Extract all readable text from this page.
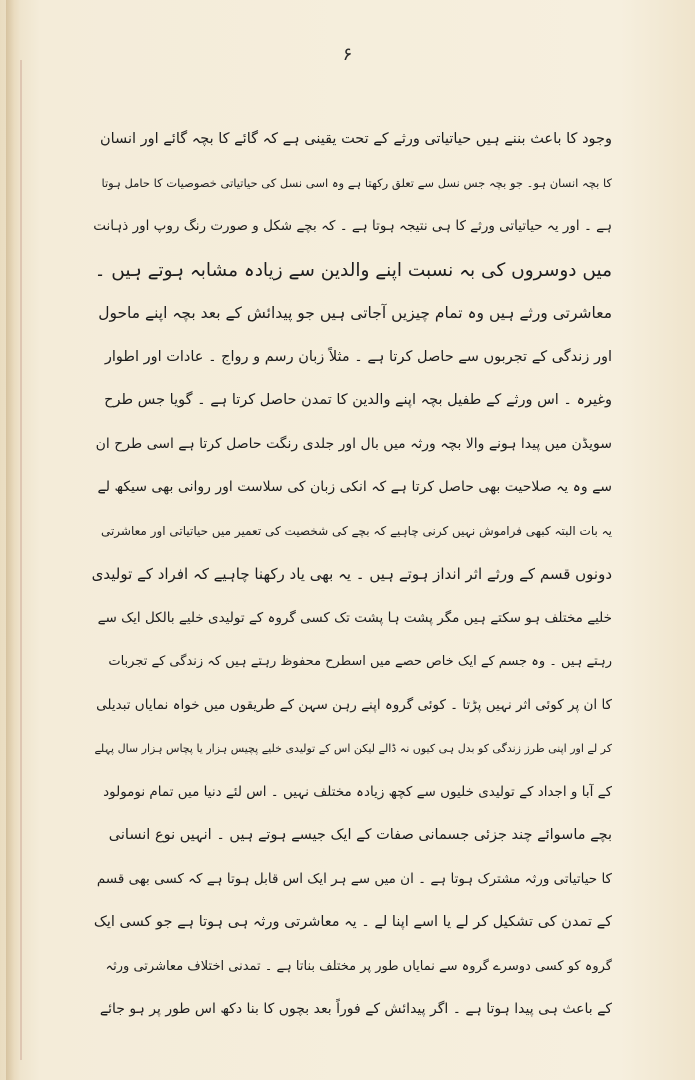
۶
وجود کا باعث بننے ہیں حیاتیاتی ورثے کے تحت یقینی ہے کہ گائے کا بچہ گائے اور انسان
کا بچہ انسان ہو۔ جو بچہ جس نسل سے تعلق رکھتا ہے وہ اسی نسل کی حیاتیاتی خصوصیات کا حامل ہوتا
ہے ۔ اور یہ حیاتیاتی ورثے کا ہی نتیجہ ہوتا ہے ۔ کہ بچے شکل و صورت رنگ روپ اور ذہانت
میں دوسروں کی بہ نسبت اپنے والدین سے زیادہ مشابہ ہوتے ہیں ۔
معاشرتی ورثے ہیں وہ تمام چیزیں آجاتی ہیں جو پیدائش کے بعد بچہ اپنے ماحول
اور زندگی کے تجربوں سے حاصل کرتا ہے ۔ مثلاً زبان رسم و رواج ۔ عادات اور اطوار
وغیرہ ۔ اس ورثے کے طفیل بچہ اپنے والدین کا تمدن حاصل کرتا ہے ۔ گویا جس طرح
سویڈن میں پیدا ہونے والا بچہ ورثہ میں بال اور جلدی رنگت حاصل کرتا ہے اسی طرح ان
سے وہ یہ صلاحیت بھی حاصل کرتا ہے کہ انکی زبان کی سلاست اور روانی بھی سیکھ لے
یہ بات البتہ کبھی فراموش نہیں کرنی چاہیے کہ بچے کی شخصیت کی تعمیر میں حیاتیاتی اور معاشرتی
دونوں قسم کے ورثے اثر انداز ہوتے ہیں ۔ یہ بھی یاد رکھنا چاہیے کہ افراد کے تولیدی
خلیے مختلف ہو سکتے ہیں مگر پشت ہا پشت تک کسی گروہ کے تولیدی خلیے بالکل ایک سے
رہتے ہیں ۔ وہ جسم کے ایک خاص حصے میں اسطرح محفوظ رہتے ہیں کہ زندگی کے تجربات
کا ان پر کوئی اثر نہیں پڑتا ۔ کوئی گروہ اپنے رہن سہن کے طریقوں میں خواہ نمایاں تبدیلی
کر لے اور اپنی طرز زندگی کو بدل ہی کیوں نہ ڈالے لیکن اس کے تولیدی خلیے پچیس ہزار یا پچاس ہزار سال پہلے
کے آبا و اجداد کے تولیدی خلیوں سے کچھ زیادہ مختلف نہیں ۔ اس لئے دنیا میں تمام نومولود
بچے ماسوائے چند جزئی جسمانی صفات کے ایک جیسے ہوتے ہیں ۔ انہیں نوع انسانی
کا حیاتیاتی ورثہ مشترک ہوتا ہے ۔ ان میں سے ہر ایک اس قابل ہوتا ہے کہ کسی بھی قسم
کے تمدن کی تشکیل کر لے یا اسے اپنا لے ۔ یہ معاشرتی ورثہ ہی ہوتا ہے جو کسی ایک
گروہ کو کسی دوسرے گروہ سے نمایاں طور پر مختلف بناتا ہے ۔ تمدنی اختلاف معاشرتی ورثہ
کے باعث ہی پیدا ہوتا ہے ۔ اگر پیدائش کے فوراً بعد بچوں کا بنا دکھ اس طور پر ہو جائے
